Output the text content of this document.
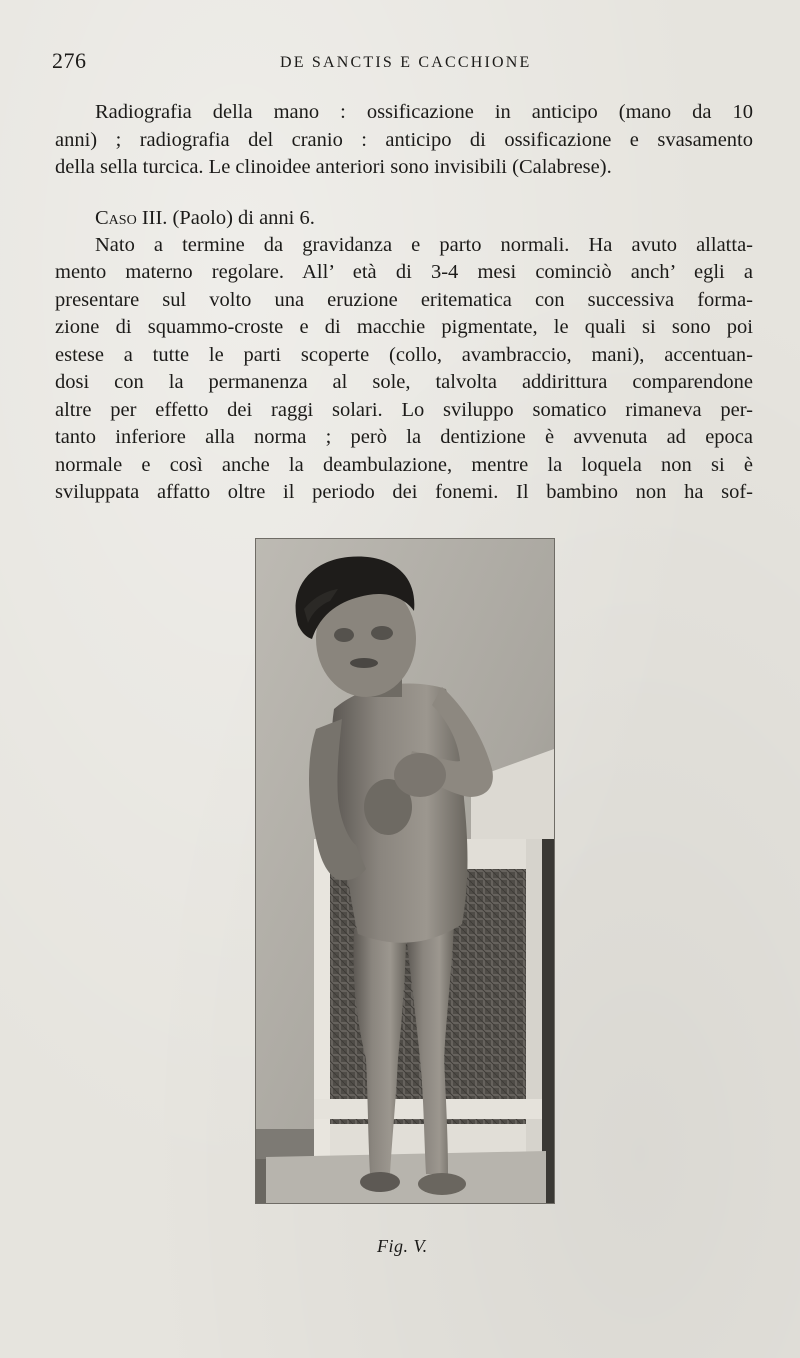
276	DE SANCTIS E CACCHIONE
Radiografia della mano : ossificazione in anticipo (mano da 10
anni) ; radiografia del cranio : anticipo di ossificazione e svasamento
della sella turcica. Le clinoidee anteriori sono invisibili (Calabrese).
Caso III. (Paolo) di anni 6.
Nato a termine da gravidanza e parto normali. Ha avuto allatta-
mento materno regolare. All’ età di 3-4 mesi cominciò anch’ egli a
presentare sul volto una eruzione eritematica con successiva forma-
zione di squammo-croste e di macchie pigmentate, le quali si sono poi
estese a tutte le parti scoperte (collo, avambraccio, mani), accentuan-
dosi con la permanenza al sole, talvolta addirittura comparendone
altre per effetto dei raggi solari. Lo sviluppo somatico rimaneva per-
tanto inferiore alla norma ; però la dentizione è avvenuta ad epoca
normale e così anche la deambulazione, mentre la loquela non si è
sviluppata affatto oltre il periodo dei fonemi. Il bambino non ha sof-
Fig. V.
